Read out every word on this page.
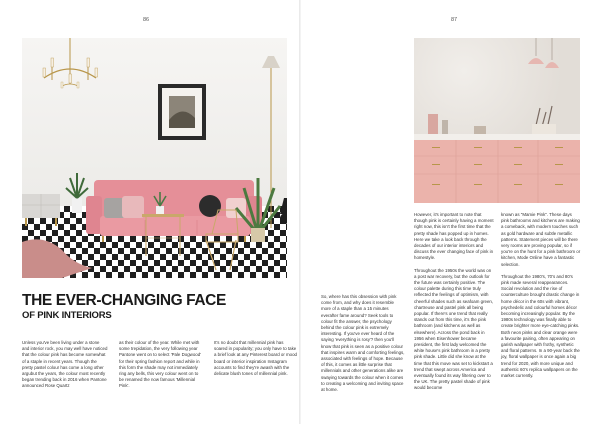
86	87
THE EVER-CHANGING FACE
OF PINK INTERIORS

Unless you've been living under a stone and interior rock, you may well have noticed that the colour pink has become somewhat of a staple in recent years. Though the pretty pastel colour has come a long other argubut the years, the colour most recently began trending back in 2016 when Pantone announced Rose Quartz

as their colour of the year. While met with some trepidation, the very following year Pantone went on to select 'Pale Dogwood' for their spring fashion report and while in this form the shade may not immediately ring any bells, this very colour went on to be renamed the now famous 'Millennial Pink'.

It's no doubt that millennial pink has soared in popularity; you only have to take a brief look at any Pinterest board or mood board or interior inspiration Instagram accounts to find they're awash with the delicate blush tones of millennial pink.

So, where has this obsession with pink come from, and why does it resemble more of a staple than a 15 minutes everafter fame around? Seek tools to colour fit the answer, the psychology behind the colour pink is extremely interesting. If you've ever heard of the saying 'everything is rosy'? then you'll know that pink is seen as a positive colour that inspires warm and comforting feelings, associated with feelings of hope. Because of this, it comes as little surprise that millennials and other generations alike are swaying towards the colour when it comes to creating a welcoming and inviting space at home.

However, it's important to note that though pink is certainly having a moment right now, this isn't the first time that the pretty shade has popped up in homes. Here we take a look back through the decades of our interior interiors and discuss the ever changing face of pink in homestyle.

Throughout the 1950s the world was on a post war recovery, but the outlook for the future was certainly positive. The colour palette during this time truly reflected the feelings of optimism, with cheerful shades such as seafoam green, chartreuse and pastel pink all being popular. If there's one trend that really stands out from this time, it's the pink bathroom (and kitchens as well as elsewhere). Across the pond back in 1956 when Eisenhower became president, the first lady welcomed the white house's pink bathroom in a pretty pink shade. Little did she know at the time that this move was set to kickstart a trend that swept across America and eventually found its way filtering over to the UK. The pretty pastel shade of pink would become

known as "Mamie Pink". These days pink bathrooms and kitchens are making a comeback, with modern touches such as gold hardware and subtle metallic patterns. Statement pieces will be there very rooms are proving popular, so if you're on the hunt for a pink bathroom or kitchen, Mode Online have a fantastic selection.

Throughout the 1980's, 70's and 80's pink made several reappearances. Social revolution and the rise of counterculture brought drastic change in home décor in the 60s with vibrant, psychedelic and colourful homes décor becoming increasingly popular. By the 1980s technology was finally able to create brighter more eye-catching pinks. Both neon pinks and clear orange were a favourite pairing, often appearing on garish wallpaper with frothy, synthetic and floral patterns. In a 90-year back the joy, floral wallpaper is once again a big trend for 2020, with more unique and authentic 60's replica wallpapers on the market currently.
